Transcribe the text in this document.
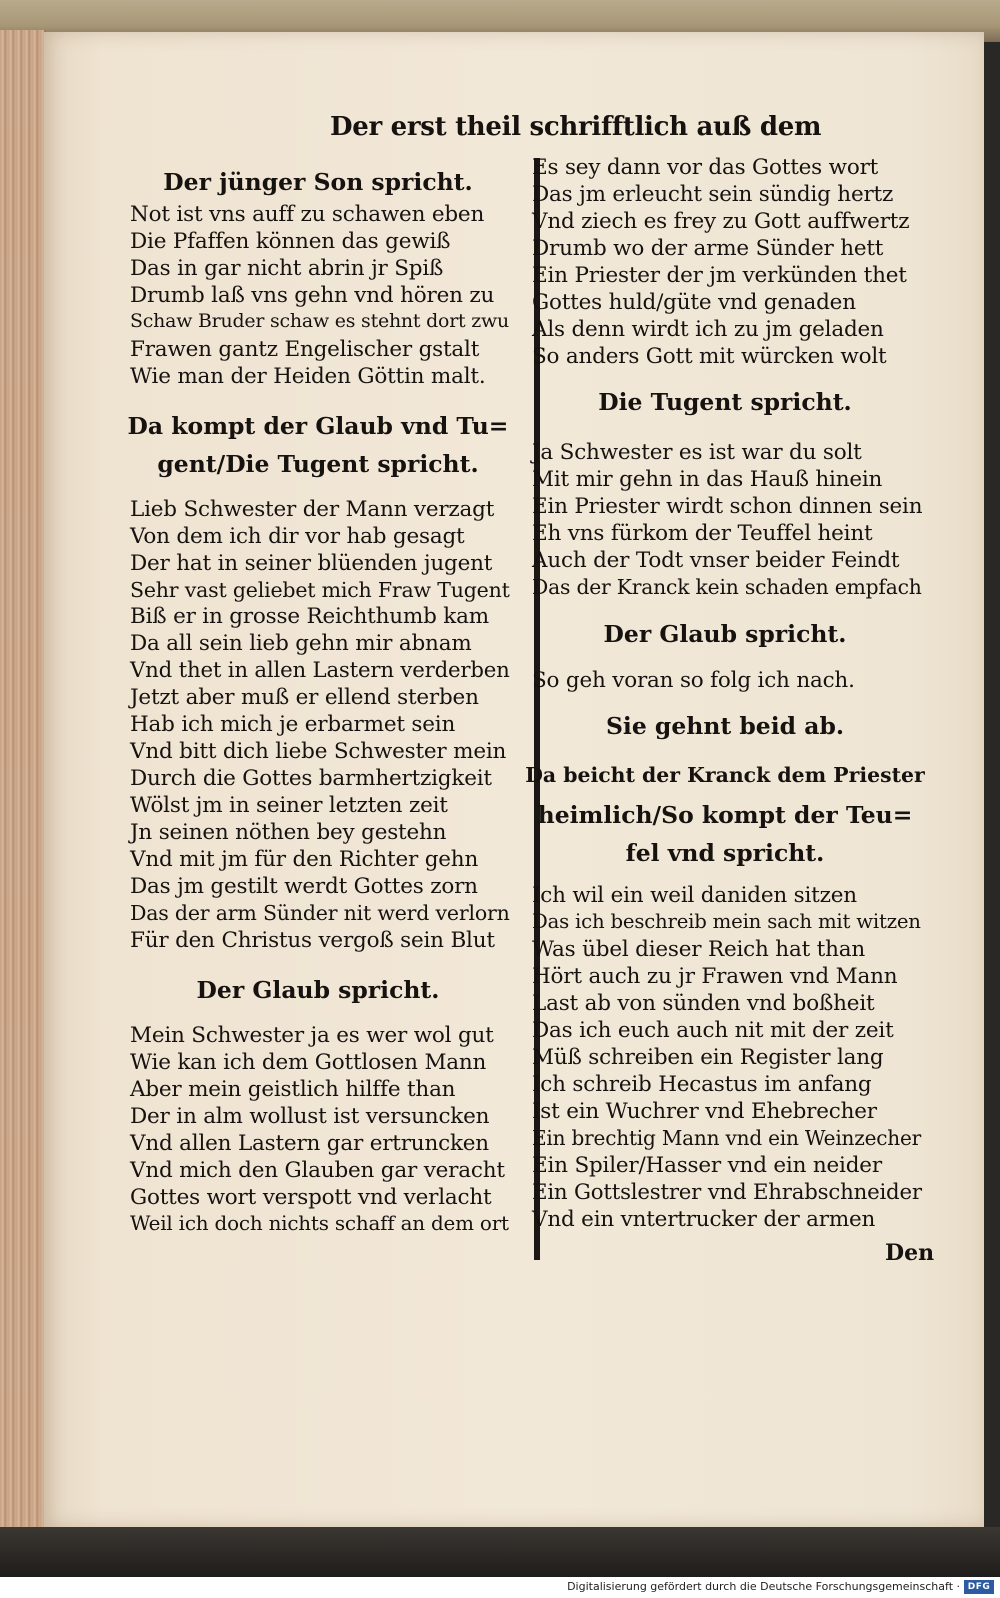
Der erst theil schrifftlich auß dem
Der jünger Son spricht.
Not ist vns auff zu schawen eben
Die Pfaffen können das gewiß
Das in gar nicht abrin jr Spiß
Drumb laß vns gehn vnd hören zu
Schaw Bruder schaw es stehnt dort zwu
Frawen gantz Engelischer gstalt
Wie man der Heiden Göttin malt.
Da kompt der Glaub vnd Tu=
gent/Die Tugent spricht.
Lieb Schwester der Mann verzagt
Von dem ich dir vor hab gesagt
Der hat in seiner blüenden jugent
Sehr vast geliebet mich Fraw Tugent
Biß er in grosse Reichthumb kam
Da all sein lieb gehn mir abnam
Vnd thet in allen Lastern verderben
Jetzt aber muß er ellend sterben
Hab ich mich je erbarmet sein
Vnd bitt dich liebe Schwester mein
Durch die Gottes barmhertzigkeit
Wölst jm in seiner letzten zeit
Jn seinen nöthen bey gestehn
Vnd mit jm für den Richter gehn
Das jm gestilt werdt Gottes zorn
Das der arm Sünder nit werd verlorn
Für den Christus vergoß sein Blut
Der Glaub spricht.
Mein Schwester ja es wer wol gut
Wie kan ich dem Gottlosen Mann
Aber mein geistlich hilffe than
Der in alm wollust ist versuncken
Vnd allen Lastern gar ertruncken
Vnd mich den Glauben gar veracht
Gottes wort verspott vnd verlacht
Weil ich doch nichts schaff an dem ort
Es sey dann vor das Gottes wort
Das jm erleucht sein sündig hertz
Vnd ziech es frey zu Gott auffwertz
Drumb wo der arme Sünder hett
Ein Priester der jm verkünden thet
Gottes huld/güte vnd genaden
Als denn wirdt ich zu jm geladen
So anders Gott mit würcken wolt
Die Tugent spricht.
Ja Schwester es ist war du solt
Mit mir gehn in das Hauß hinein
Ein Priester wirdt schon dinnen sein
Eh vns fürkom der Teuffel heint
Auch der Todt vnser beider Feindt
Das der Kranck kein schaden empfach
Der Glaub spricht.
So geh voran so folg ich nach.
Sie gehnt beid ab.
Da beicht der Kranck dem Priester
heimlich/So kompt der Teu=
fel vnd spricht.
Ich wil ein weil daniden sitzen
Das ich beschreib mein sach mit witzen
Was übel dieser Reich hat than
Hört auch zu jr Frawen vnd Mann
Last ab von sünden vnd boßheit
Das ich euch auch nit mit der zeit
Müß schreiben ein Register lang
Ich schreib Hecastus im anfang
Ist ein Wuchrer vnd Ehebrecher
Ein brechtig Mann vnd ein Weinzecher
Ein Spiler/Hasser vnd ein neider
Ein Gottslestrer vnd Ehrabschneider
Vnd ein vntertrucker der armen
Den
Digitalisierung gefördert durch die Deutsche Forschungsgemeinschaft · DFG
